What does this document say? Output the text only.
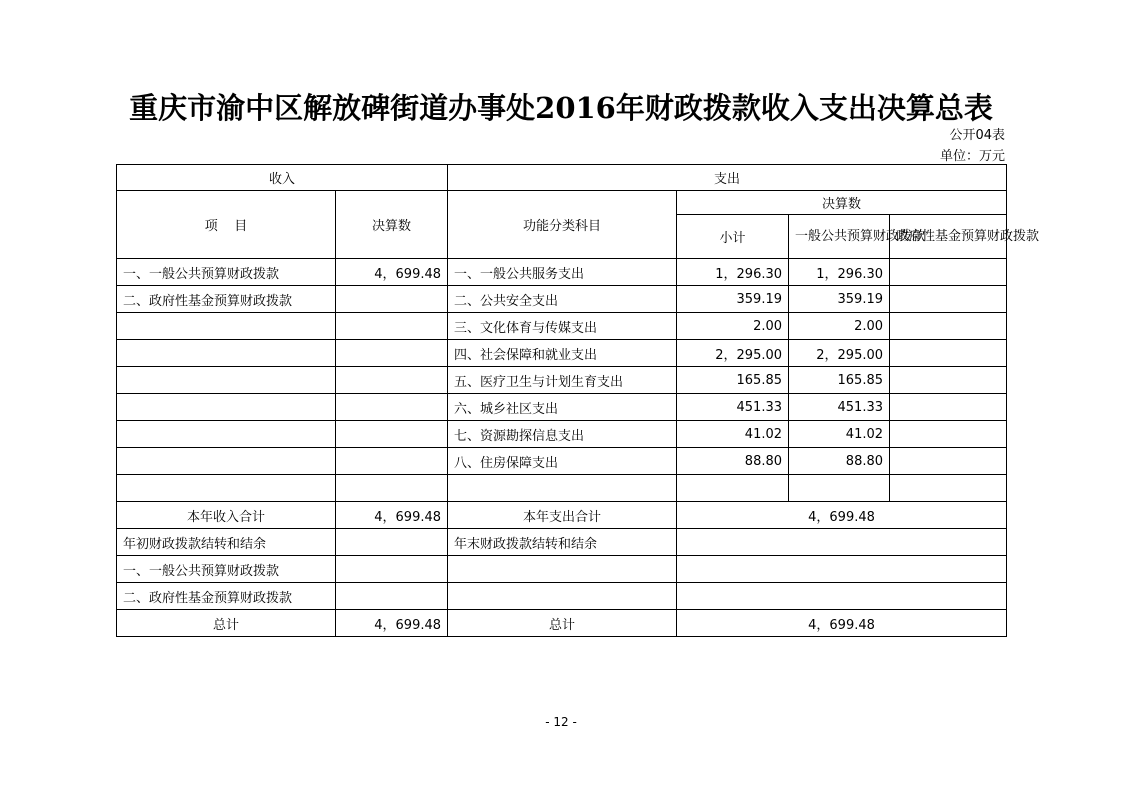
重庆市渝中区解放碑街道办事处2016年财政拨款收入支出决算总表
公开04表
单位：万元
收入		支出			
项    目	决算数	功能分类科目	决算数		
			小计	一般公共预算财政拨款	政府性基金预算财政拨款
一、一般公共预算财政拨款	4，699.48	一、一般公共服务支出	1，296.30	1，296.30	
二、政府性基金预算财政拨款		二、公共安全支出	359.19	359.19	
		三、文化体育与传媒支出	2.00	2.00	
		四、社会保障和就业支出	2，295.00	2，295.00	
		五、医疗卫生与计划生育支出	165.85	165.85	
		六、城乡社区支出	451.33	451.33	
		七、资源勘探信息支出	41.02	41.02	
		八、住房保障支出	88.80	88.80	

本年收入合计	4，699.48	本年支出合计	4，699.48		
年初财政拨款结转和结余		年末财政拨款结转和结余			
一、一般公共预算财政拨款					
二、政府性基金预算财政拨款					
总计	4，699.48	总计	4，699.48		
- 12 -
